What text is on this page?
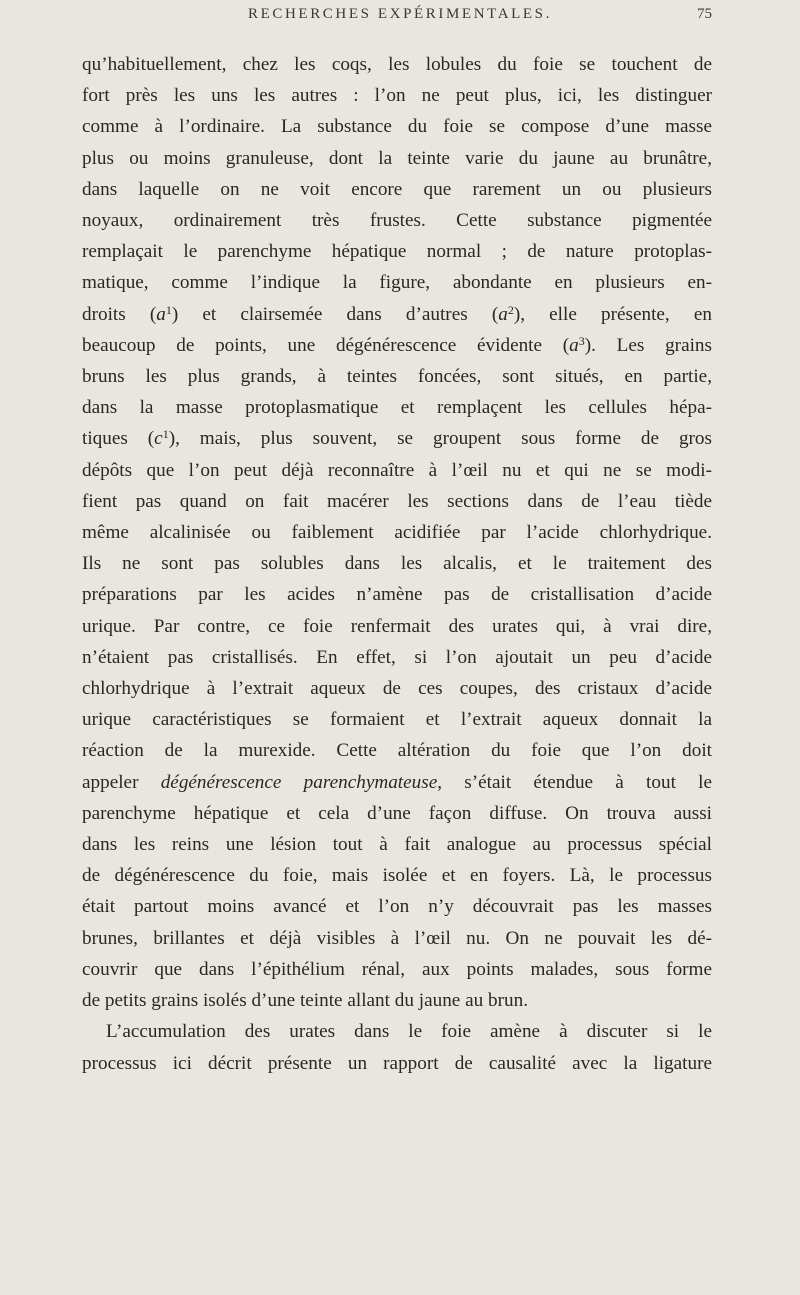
RECHERCHES EXPÉRIMENTALES.	75
qu’habituellement, chez les coqs, les lobules du foie se touchent de
fort près les uns les autres : l’on ne peut plus, ici, les distinguer
comme à l’ordinaire. La substance du foie se compose d’une masse
plus ou moins granuleuse, dont la teinte varie du jaune au brunâtre,
dans laquelle on ne voit encore que rarement un ou plusieurs
noyaux, ordinairement très frustes. Cette substance pigmentée
remplaçait le parenchyme hépatique normal ; de nature protoplas-
matique, comme l’indique la figure, abondante en plusieurs en-
droits $(a^1)$ et clairsemée dans d’autres $(a^2)$, elle présente, en
beaucoup de points, une dégénérescence évidente $(a^3)$. Les grains
bruns les plus grands, à teintes foncées, sont situés, en partie,
dans la masse protoplasmatique et remplaçent les cellules hépa-
tiques $(c^1)$, mais, plus souvent, se groupent sous forme de gros
dépôts que l’on peut déjà reconnaître à l’œil nu et qui ne se modi-
fient pas quand on fait macérer les sections dans de l’eau tiède
même alcalinisée ou faiblement acidifiée par l’acide chlorhydrique.
Ils ne sont pas solubles dans les alcalis, et le traitement des
préparations par les acides n’amène pas de cristallisation d’acide
urique. Par contre, ce foie renfermait des urates qui, à vrai dire,
n’étaient pas cristallisés. En effet, si l’on ajoutait un peu d’acide
chlorhydrique à l’extrait aqueux de ces coupes, des cristaux d’acide
urique caractéristiques se formaient et l’extrait aqueux donnait la
réaction de la murexide. Cette altération du foie que l’on doit
appeler dégénérescence parenchymateuse, s’était étendue à tout le
parenchyme hépatique et cela d’une façon diffuse. On trouva aussi
dans les reins une lésion tout à fait analogue au processus spécial
de dégénérescence du foie, mais isolée et en foyers. Là, le processus
était partout moins avancé et l’on n’y découvrait pas les masses
brunes, brillantes et déjà visibles à l’œil nu. On ne pouvait les dé-
couvrir que dans l’épithélium rénal, aux points malades, sous forme
de petits grains isolés d’une teinte allant du jaune au brun.
L’accumulation des urates dans le foie amène à discuter si le
processus ici décrit présente un rapport de causalité avec la ligature
